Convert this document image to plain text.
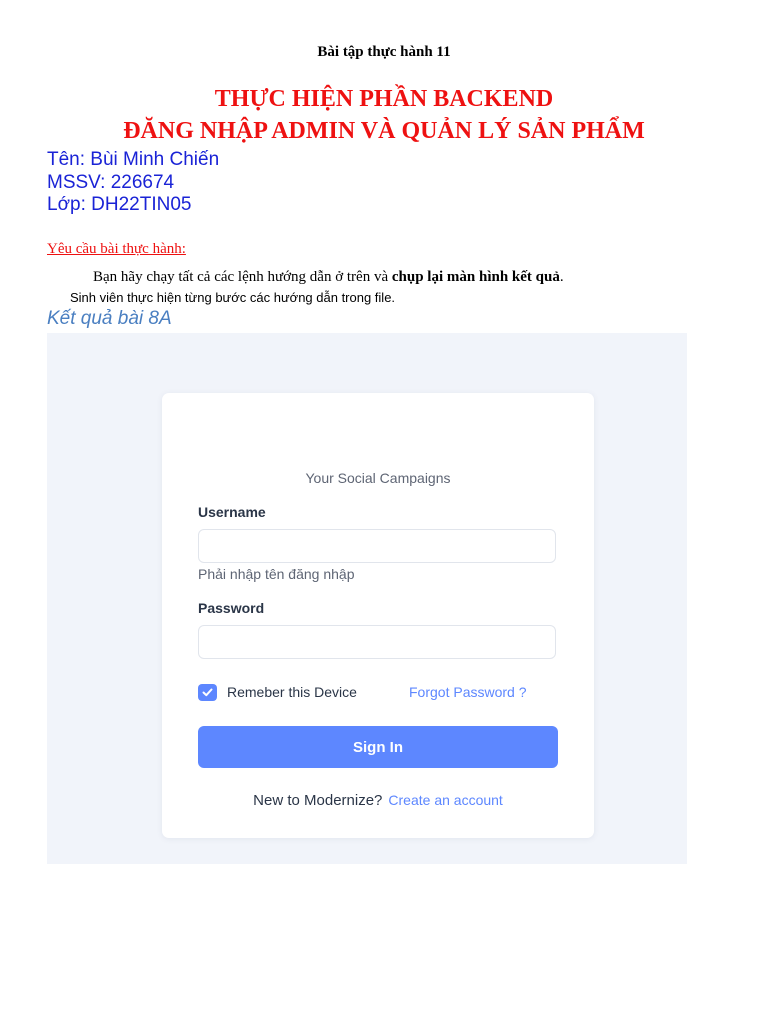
Bài tập thực hành 11
THỰC HIỆN PHẦN BACKEND
ĐĂNG NHẬP ADMIN VÀ QUẢN LÝ SẢN PHẨM
Tên: Bùi Minh Chiến
MSSV: 226674
Lớp: DH22TIN05
Yêu cầu bài thực hành:
Bạn hãy chạy tất cả các lệnh hướng dẫn ở trên và chụp lại màn hình kết quả.
Sinh viên thực hiện từng bước các hướng dẫn trong file.
Kết quả bài 8A
Your Social Campaigns
Username
Phải nhập tên đăng nhập
Password
Remeber this Device	Forgot Password ?
Sign In
New to Modernize? Create an account
